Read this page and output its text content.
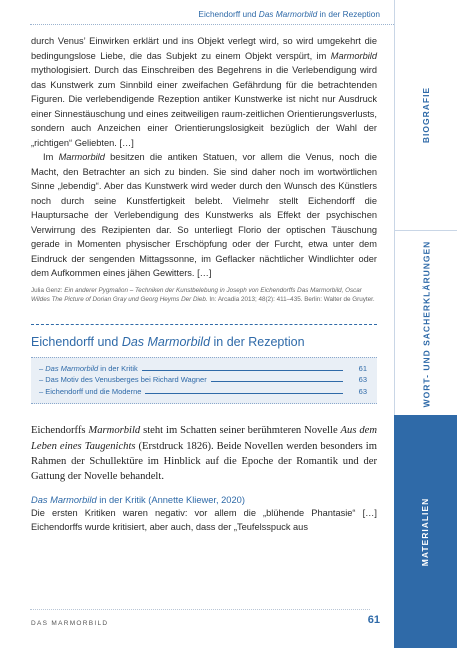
Eichendorff und Das Marmorbild in der Rezeption

durch Venus’ Einwirken erklärt und ins Objekt verlegt wird, so wird umgekehrt die bedingungslose Liebe, die das Subjekt zu einem Objekt verspürt, im Marmorbild mythologisiert. Durch das Einschreiben des Begehrens in die Verlebendigung wird das Kunstwerk zum Sinnbild einer zweifachen Gefährdung für die betrachtenden Figuren. Die verlebendigende Rezeption antiker Kunstwerke ist nicht nur Ausdruck einer Sinnestäuschung und eines zeitweiligen raum-zeitlichen Orientierungsverlusts, sondern auch Anzeichen einer Orientierungslosigkeit bezüglich der Wahl der „richtigen“ Geliebten. […]

Im Marmorbild besitzen die antiken Statuen, vor allem die Venus, noch die Macht, den Betrachter an sich zu binden. Sie sind daher noch im wortwörtlichen Sinne „lebendig“. Aber das Kunstwerk wird weder durch den Wunsch des Künstlers noch durch seine Kunstfertigkeit belebt. Vielmehr stellt Eichendorff die Hauptursache der Verlebendigung des Kunstwerks als Effekt der psychischen Verwirrung des Rezipienten dar. So unterliegt Florio der optischen Täuschung gerade in Momenten physischer Erschöpfung oder der Furcht, etwa unter dem Eindruck der sengenden Mittagssonne, im Geflacker nächtlicher Windlichter oder dem Aufkommen eines jähen Gewitters. […]

Julia Genz: Ein anderer Pygmalion – Techniken der Kunstbelebung in Joseph von Eichendorffs Das Marmorbild, Oscar Wildes The Picture of Dorian Gray und Georg Heyms Der Dieb. In: Arcadia 2013; 48(2): 411–435. Berlin: Walter de Gruyter.
Eichendorff und Das Marmorbild in der Rezeption
– Das Marmorbild in der Kritik	61
– Das Motiv des Venusberges bei Richard Wagner	63
– Eichendorff und die Moderne	63

Eichendorffs Marmorbild steht im Schatten seiner berühmteren Novelle Aus dem Leben eines Taugenichts (Erstdruck 1826). Beide Novellen werden besonders im Rahmen der Schullektüre im Hinblick auf die Epoche der Romantik und der Gattung der Novelle behandelt.

Das Marmorbild in der Kritik (Annette Kliewer, 2020)

Die ersten Kritiken waren negativ: vor allem die „blühende Phantasie“ […] Eichendorffs wurde kritisiert, aber auch, dass der „Teufelsspuck aus

DAS MARMORBILD	61
BIOGRAFIE
WORT- UND SACHERKLÄRUNGEN
MATERIALIEN
